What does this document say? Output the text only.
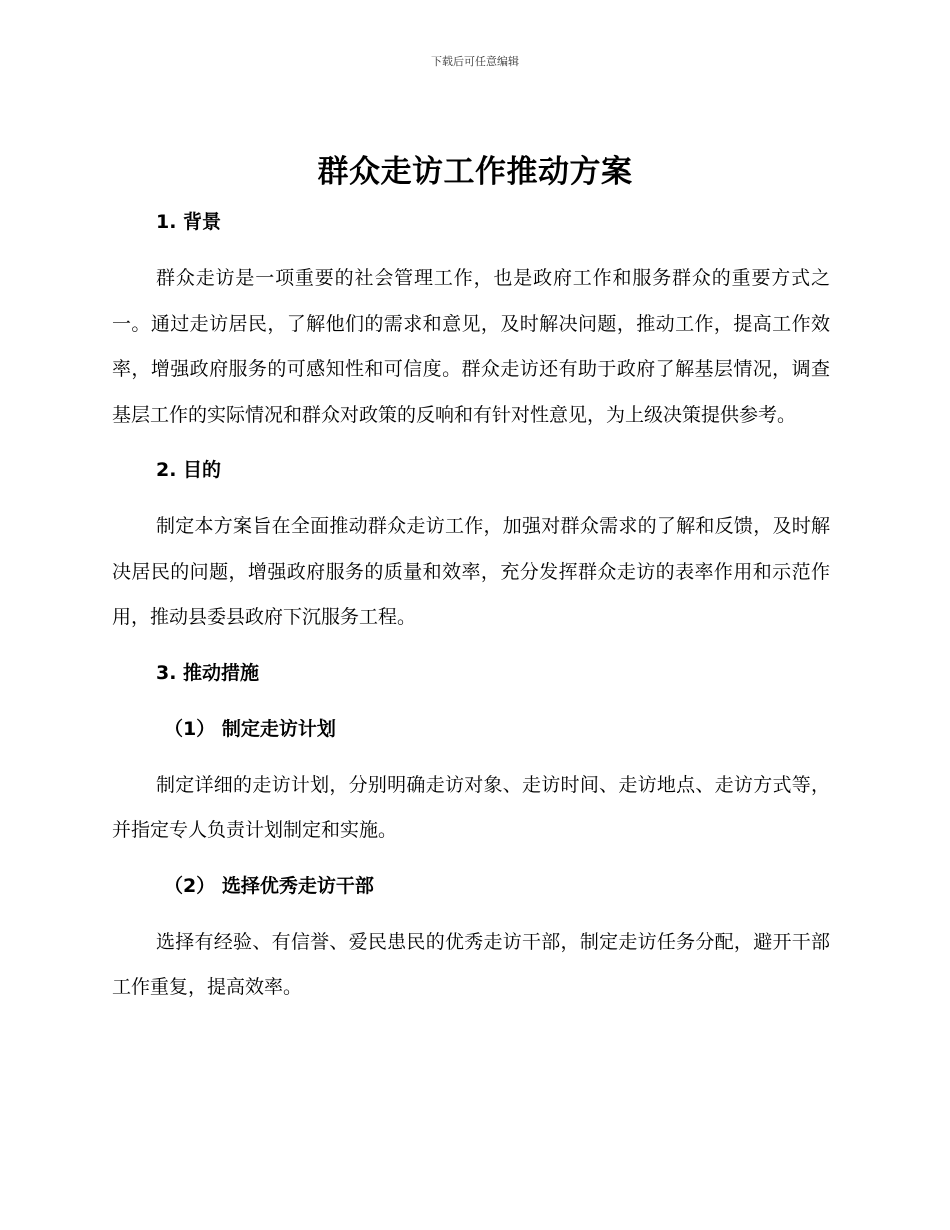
下载后可任意编辑
群众走访工作推动方案

1. 背景

群众走访是一项重要的社会管理工作，也是政府工作和服务群众的重要方式之一。通过走访居民，了解他们的需求和意见，及时解决问题，推动工作，提高工作效率，增强政府服务的可感知性和可信度。群众走访还有助于政府了解基层情况，调查基层工作的实际情况和群众对政策的反响和有针对性意见，为上级决策提供参考。

2. 目的

制定本方案旨在全面推动群众走访工作，加强对群众需求的了解和反馈，及时解决居民的问题，增强政府服务的质量和效率，充分发挥群众走访的表率作用和示范作用，推动县委县政府下沉服务工程。

3. 推动措施

（1） 制定走访计划

制定详细的走访计划，分别明确走访对象、走访时间、走访地点、走访方式等，并指定专人负责计划制定和实施。

（2） 选择优秀走访干部

选择有经验、有信誉、爱民患民的优秀走访干部，制定走访任务分配，避开干部工作重复，提高效率。
